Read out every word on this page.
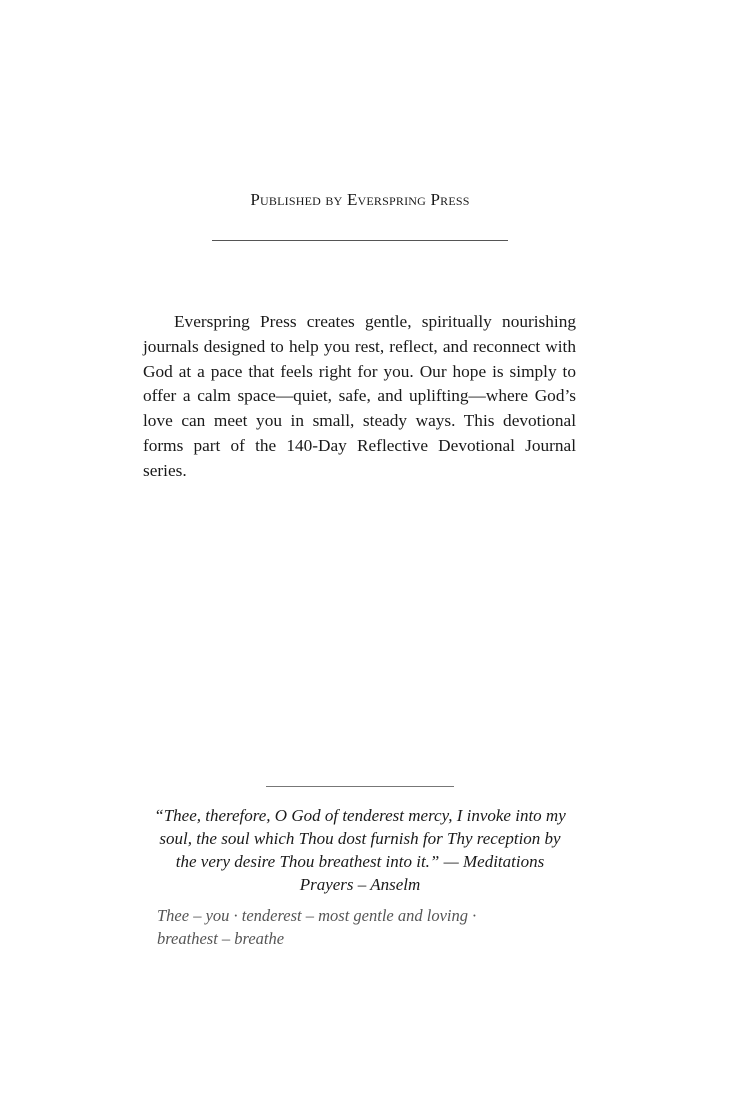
Published by Everspring Press

Everspring Press creates gentle, spiritually nourishing journals designed to help you rest, reflect, and reconnect with God at a pace that feels right for you. Our hope is simply to offer a calm space—quiet, safe, and uplifting—where God’s love can meet you in small, steady ways. This devotional forms part of the 140-Day Reflective Devotional Journal series.

“Thee, therefore, O God of tenderest mercy, I invoke into my soul, the soul which Thou dost furnish for Thy reception by the very desire Thou breathest into it.” — Meditations Prayers – Anselm

Thee – you · tenderest – most gentle and loving · breathest – breathe
